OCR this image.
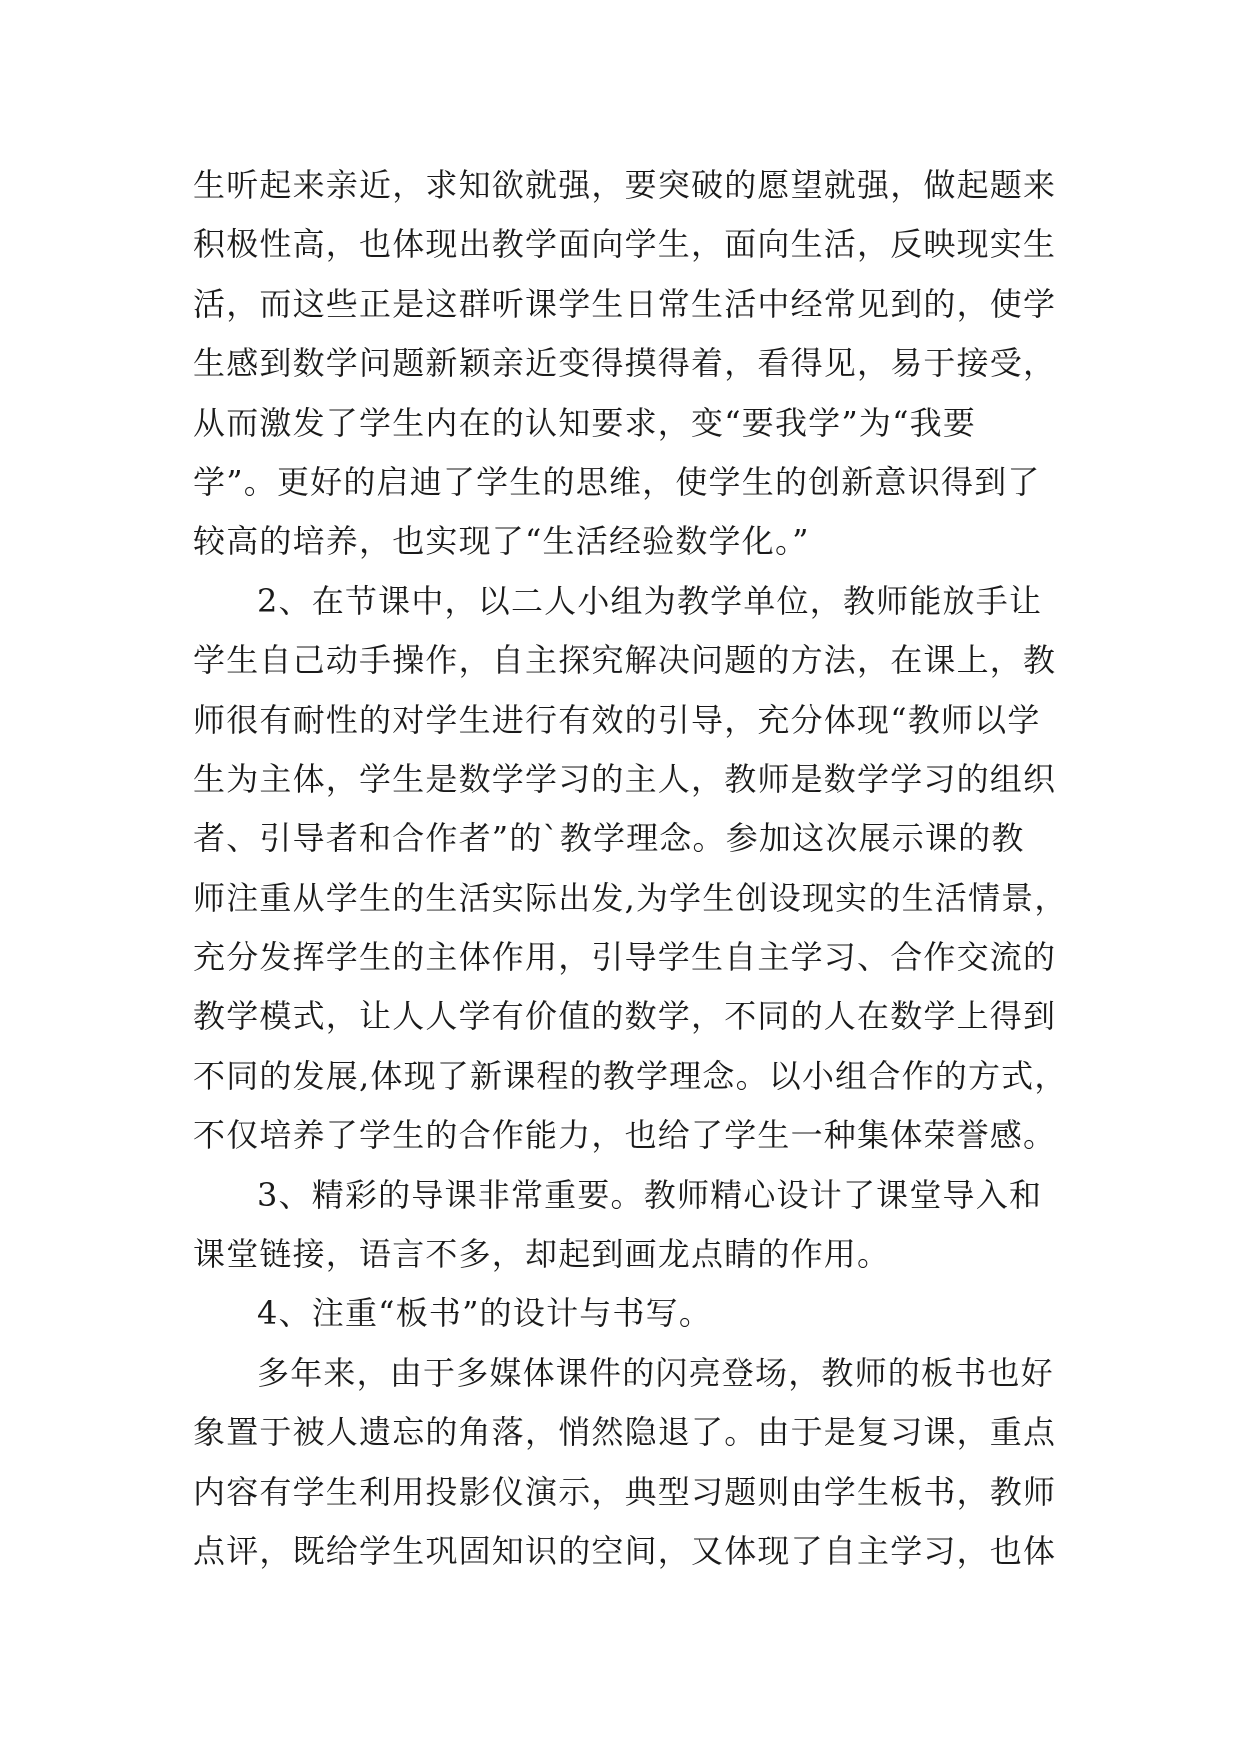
生听起来亲近，求知欲就强，要突破的愿望就强，做起题来
积极性高，也体现出教学面向学生，面向生活，反映现实生
活，而这些正是这群听课学生日常生活中经常见到的，使学
生感到数学问题新颖亲近变得摸得着，看得见，易于接受，
从而激发了学生内在的认知要求，变“要我学”为“我要
学”。更好的启迪了学生的思维，使学生的创新意识得到了
较高的培养，也实现了“生活经验数学化。”
2、在节课中，以二人小组为教学单位，教师能放手让
学生自己动手操作，自主探究解决问题的方法，在课上，教
师很有耐性的对学生进行有效的引导，充分体现“教师以学
生为主体，学生是数学学习的主人，教师是数学学习的组织
者、引导者和合作者”的`教学理念。参加这次展示课的教
师注重从学生的生活实际出发,为学生创设现实的生活情景，
充分发挥学生的主体作用，引导学生自主学习、合作交流的
教学模式，让人人学有价值的数学，不同的人在数学上得到
不同的发展,体现了新课程的教学理念。以小组合作的方式，
不仅培养了学生的合作能力，也给了学生一种集体荣誉感。
3、精彩的导课非常重要。教师精心设计了课堂导入和
课堂链接，语言不多，却起到画龙点睛的作用。
4、注重“板书”的设计与书写。
多年来，由于多媒体课件的闪亮登场，教师的板书也好
象置于被人遗忘的角落，悄然隐退了。由于是复习课，重点
内容有学生利用投影仪演示，典型习题则由学生板书，教师
点评，既给学生巩固知识的空间，又体现了自主学习，也体
